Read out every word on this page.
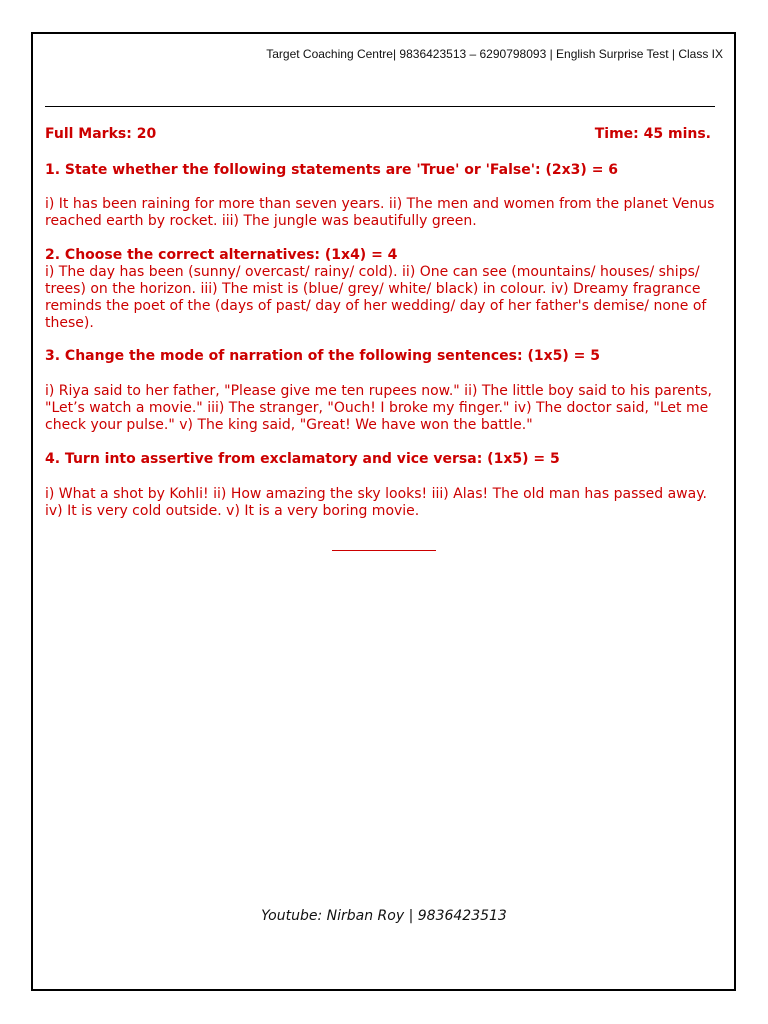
Target Coaching Centre| 9836423513 – 6290798093 | English Surprise Test | Class IX
Full Marks: 20	Time: 45 mins.

1. State whether the following statements are 'True' or 'False': (2x3) = 6

i) It has been raining for more than seven years. ii) The men and women from the planet Venus reached earth by rocket. iii) The jungle was beautifully green.

2. Choose the correct alternatives: (1x4) = 4

i) The day has been (sunny/ overcast/ rainy/ cold). ii) One can see (mountains/ houses/ ships/ trees) on the horizon. iii) The mist is (blue/ grey/ white/ black) in colour. iv) Dreamy fragrance reminds the poet of the (days of past/ day of her wedding/ day of her father's demise/ none of these).

3. Change the mode of narration of the following sentences: (1x5) = 5

i) Riya said to her father, "Please give me ten rupees now." ii) The little boy said to his parents, "Let’s watch a movie." iii) The stranger, "Ouch! I broke my finger." iv) The doctor said, "Let me check your pulse." v) The king said, "Great! We have won the battle."

4. Turn into assertive from exclamatory and vice versa: (1x5) = 5

i) What a shot by Kohli! ii) How amazing the sky looks! iii) Alas! The old man has passed away. iv) It is very cold outside. v) It is a very boring movie.

Youtube: Nirban Roy | 9836423513
